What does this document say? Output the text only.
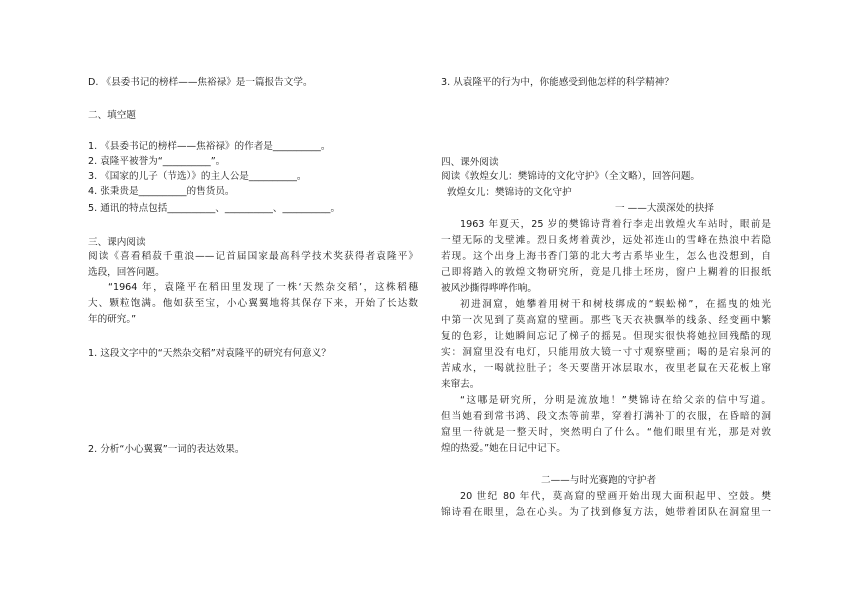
D. 《县委书记的榜样——焦裕禄》是一篇报告文学。
二、填空题
1. 《县委书记的榜样——焦裕禄》的作者是__________。
2. 袁隆平被誉为“__________”。
3. 《国家的儿子（节选）》的主人公是__________。
4. 张秉贵是__________的售货员。
5. 通讯的特点包括__________、__________、__________。
三、课内阅读
阅读《喜看稻菽千重浪——记首届国家最高科学技术奖获得者袁隆平》
选段，回答问题。
“1964 年，袁隆平在稻田里发现了一株‘天然杂交稻’，这株稻穗
大、颗粒饱满。他如获至宝，小心翼翼地将其保存下来，开始了长达数
年的研究。”
1. 这段文字中的“天然杂交稻”对袁隆平的研究有何意义？
2. 分析“小心翼翼”一词的表达效果。
3. 从袁隆平的行为中，你能感受到他怎样的科学精神？
四、课外阅读
阅读《敦煌女儿：樊锦诗的文化守护》（全文略），回答问题。
敦煌女儿：樊锦诗的文化守护
一 ——大漠深处的抉择
1963 年夏天，25 岁的樊锦诗背着行李走出敦煌火车站时，眼前是
一望无际的戈壁滩。烈日炙烤着黄沙，远处祁连山的雪峰在热浪中若隐
若现。这个出身上海书香门第的北大考古系毕业生，怎么也没想到，自
己即将踏入的敦煌文物研究所，竟是几排土坯房，窗户上糊着的旧报纸
被风沙撕得哗哗作响。
初进洞窟，她攀着用树干和树枝绑成的“蜈蚣梯”，在摇曳的烛光
中第一次见到了莫高窟的壁画。那些飞天衣袂飘举的线条、经变画中繁
复的色彩，让她瞬间忘记了梯子的摇晃。但现实很快将她拉回残酷的现
实：洞窟里没有电灯，只能用放大镜一寸寸观察壁画；喝的是宕泉河的
苦咸水，一喝就拉肚子；冬天要凿开冰层取水，夜里老鼠在天花板上窜
来窜去。
“这哪是研究所，分明是流放地！”樊锦诗在给父亲的信中写道。
但当她看到常书鸿、段文杰等前辈，穿着打满补丁的衣服，在昏暗的洞
窟里一待就是一整天时，突然明白了什么。“他们眼里有光，那是对敦
煌的热爱。”她在日记中记下。
二——与时光赛跑的守护者
20 世纪 80 年代，莫高窟的壁画开始出现大面积起甲、空鼓。樊
锦诗看在眼里，急在心头。为了找到修复方法，她带着团队在洞窟里一
